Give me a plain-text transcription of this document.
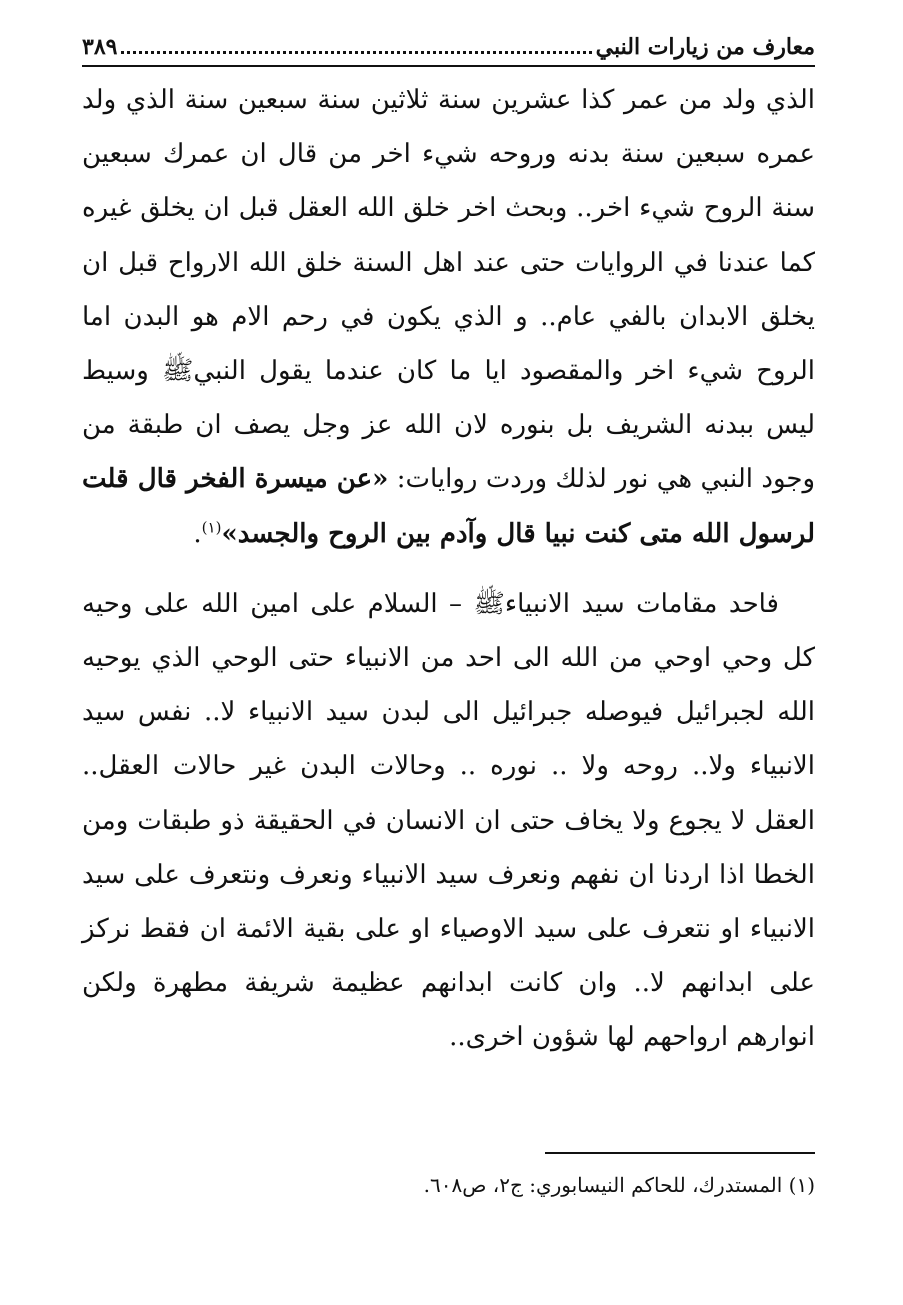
معارف من زيارات النبي
٣٨٩

الذي ولد من عمر كذا عشرين سنة ثلاثين سنة سبعين سنة الذي ولد عمره سبعين سنة بدنه وروحه شيء اخر من قال ان عمرك سبعين سنة الروح شيء اخر.. وبحث اخر خلق الله العقل قبل ان يخلق غيره كما عندنا في الروايات حتى عند اهل السنة خلق الله الارواح قبل ان يخلق الابدان بالفي عام.. و الذي يكون في رحم الام هو البدن اما الروح شيء اخر والمقصود ايا ما كان عندما يقول النبيﷺ وسيط ليس ببدنه الشريف بل بنوره لان الله عز وجل يصف ان طبقة من وجود النبي هي نور لذلك وردت روايات: «عن ميسرة الفخر قال قلت لرسول الله متى كنت نبيا قال وآدم بين الروح والجسد»$^{(١)}$.

فاحد مقامات سيد الانبياءﷺ – السلام على امين الله على وحيه كل وحي اوحي من الله الى احد من الانبياء حتى الوحي الذي يوحيه الله لجبرائيل فيوصله جبرائيل الى لبدن سيد الانبياء لا.. نفس سيد الانبياء ولا.. روحه ولا .. نوره .. وحالات البدن غير حالات العقل.. العقل لا يجوع ولا يخاف حتى ان الانسان في الحقيقة ذو طبقات ومن الخطا اذا اردنا ان نفهم ونعرف سيد الانبياء ونعرف ونتعرف على سيد الانبياء او نتعرف على سيد الاوصياء او على بقية الائمة ان فقط نركز على ابدانهم لا.. وان كانت ابدانهم عظيمة شريفة مطهرة ولكن انوارهم ارواحهم لها شؤون اخرى..

(١) المستدرك، للحاكم النيسابوري: ج٢، ص٦٠٨.
